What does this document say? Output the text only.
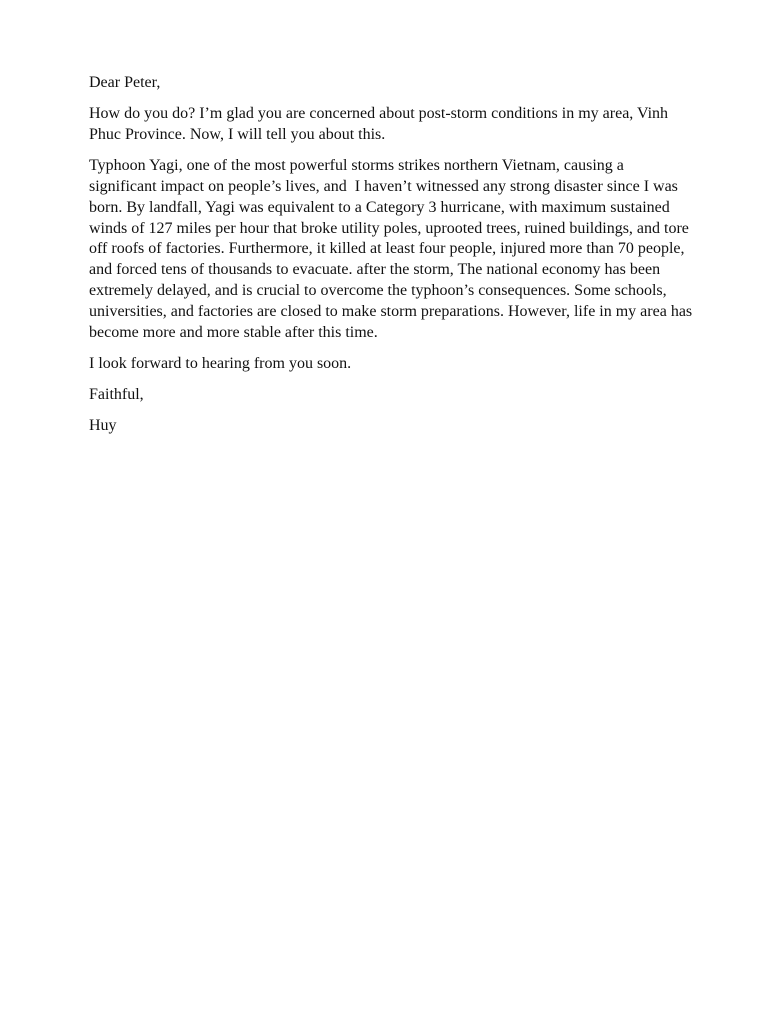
Dear Peter,

How do you do? I’m glad you are concerned about post-storm conditions in my area, Vinh Phuc Province. Now, I will tell you about this.

Typhoon Yagi, one of the most powerful storms strikes northern Vietnam, causing a significant impact on people’s lives, and  I haven’t witnessed any strong disaster since I was born. By landfall, Yagi was equivalent to a Category 3 hurricane, with maximum sustained winds of 127 miles per hour that broke utility poles, uprooted trees, ruined buildings, and tore off roofs of factories. Furthermore, it killed at least four people, injured more than 70 people, and forced tens of thousands to evacuate. after the storm, The national economy has been extremely delayed, and is crucial to overcome the typhoon’s consequences. Some schools, universities, and factories are closed to make storm preparations. However, life in my area has become more and more stable after this time.

I look forward to hearing from you soon.

Faithful,

Huy
